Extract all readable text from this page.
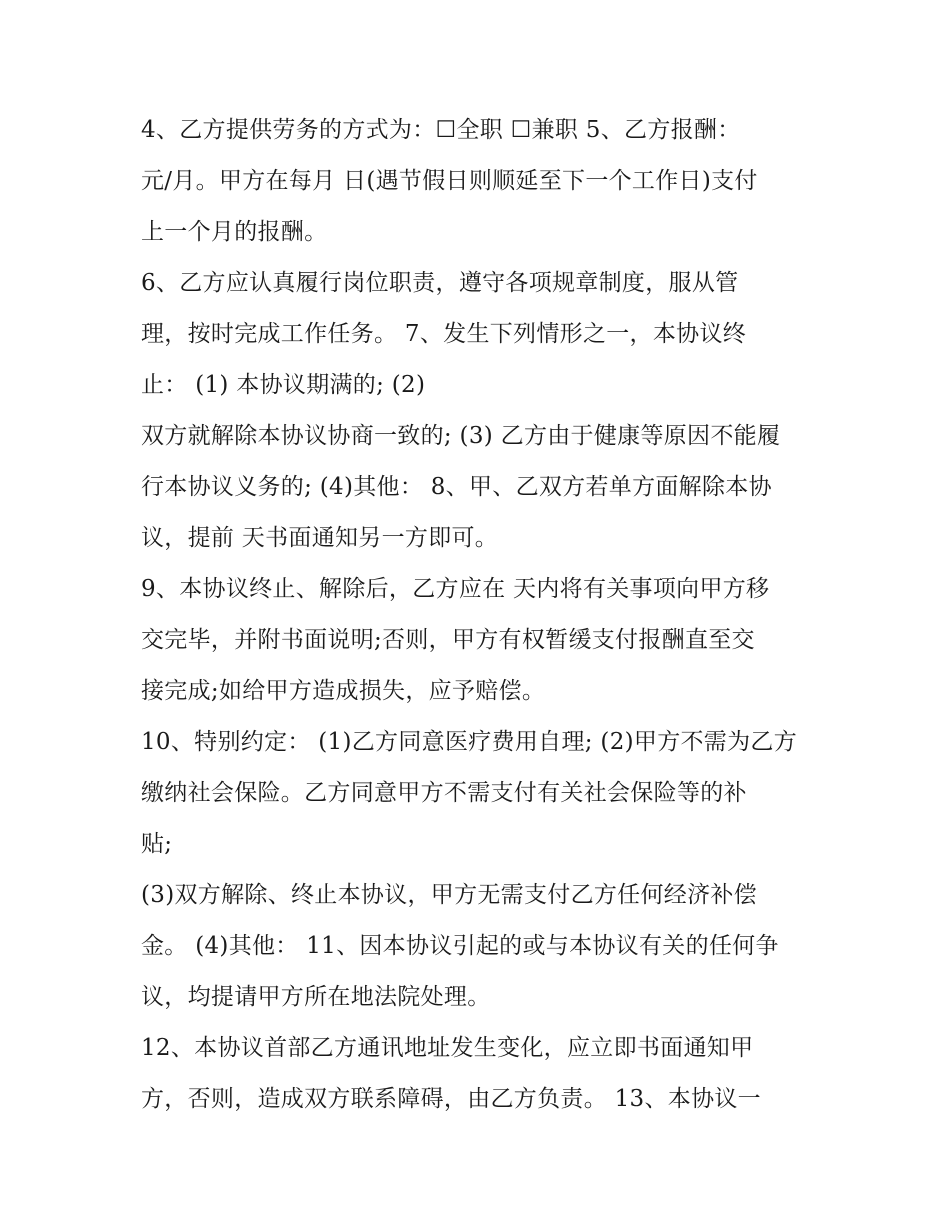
4、乙方提供劳务的方式为：☐全职 ☐兼职 5、乙方报酬：
元/月。甲方在每月 日(遇节假日则顺延至下一个工作日)支付
上一个月的报酬。
6、乙方应认真履行岗位职责，遵守各项规章制度，服从管
理，按时完成工作任务。 7、发生下列情形之一，本协议终
止： (1) 本协议期满的; (2)
双方就解除本协议协商一致的; (3) 乙方由于健康等原因不能履
行本协议义务的; (4)其他： 8、甲、乙双方若单方面解除本协
议，提前 天书面通知另一方即可。
9、本协议终止、解除后，乙方应在 天内将有关事项向甲方移
交完毕，并附书面说明;否则，甲方有权暂缓支付报酬直至交
接完成;如给甲方造成损失，应予赔偿。
10、特别约定： (1)乙方同意医疗费用自理; (2)甲方不需为乙方
缴纳社会保险。乙方同意甲方不需支付有关社会保险等的补
贴;
(3)双方解除、终止本协议，甲方无需支付乙方任何经济补偿
金。 (4)其他： 11、因本协议引起的或与本协议有关的任何争
议，均提请甲方所在地法院处理。
12、本协议首部乙方通讯地址发生变化，应立即书面通知甲
方，否则，造成双方联系障碍，由乙方负责。 13、本协议一
